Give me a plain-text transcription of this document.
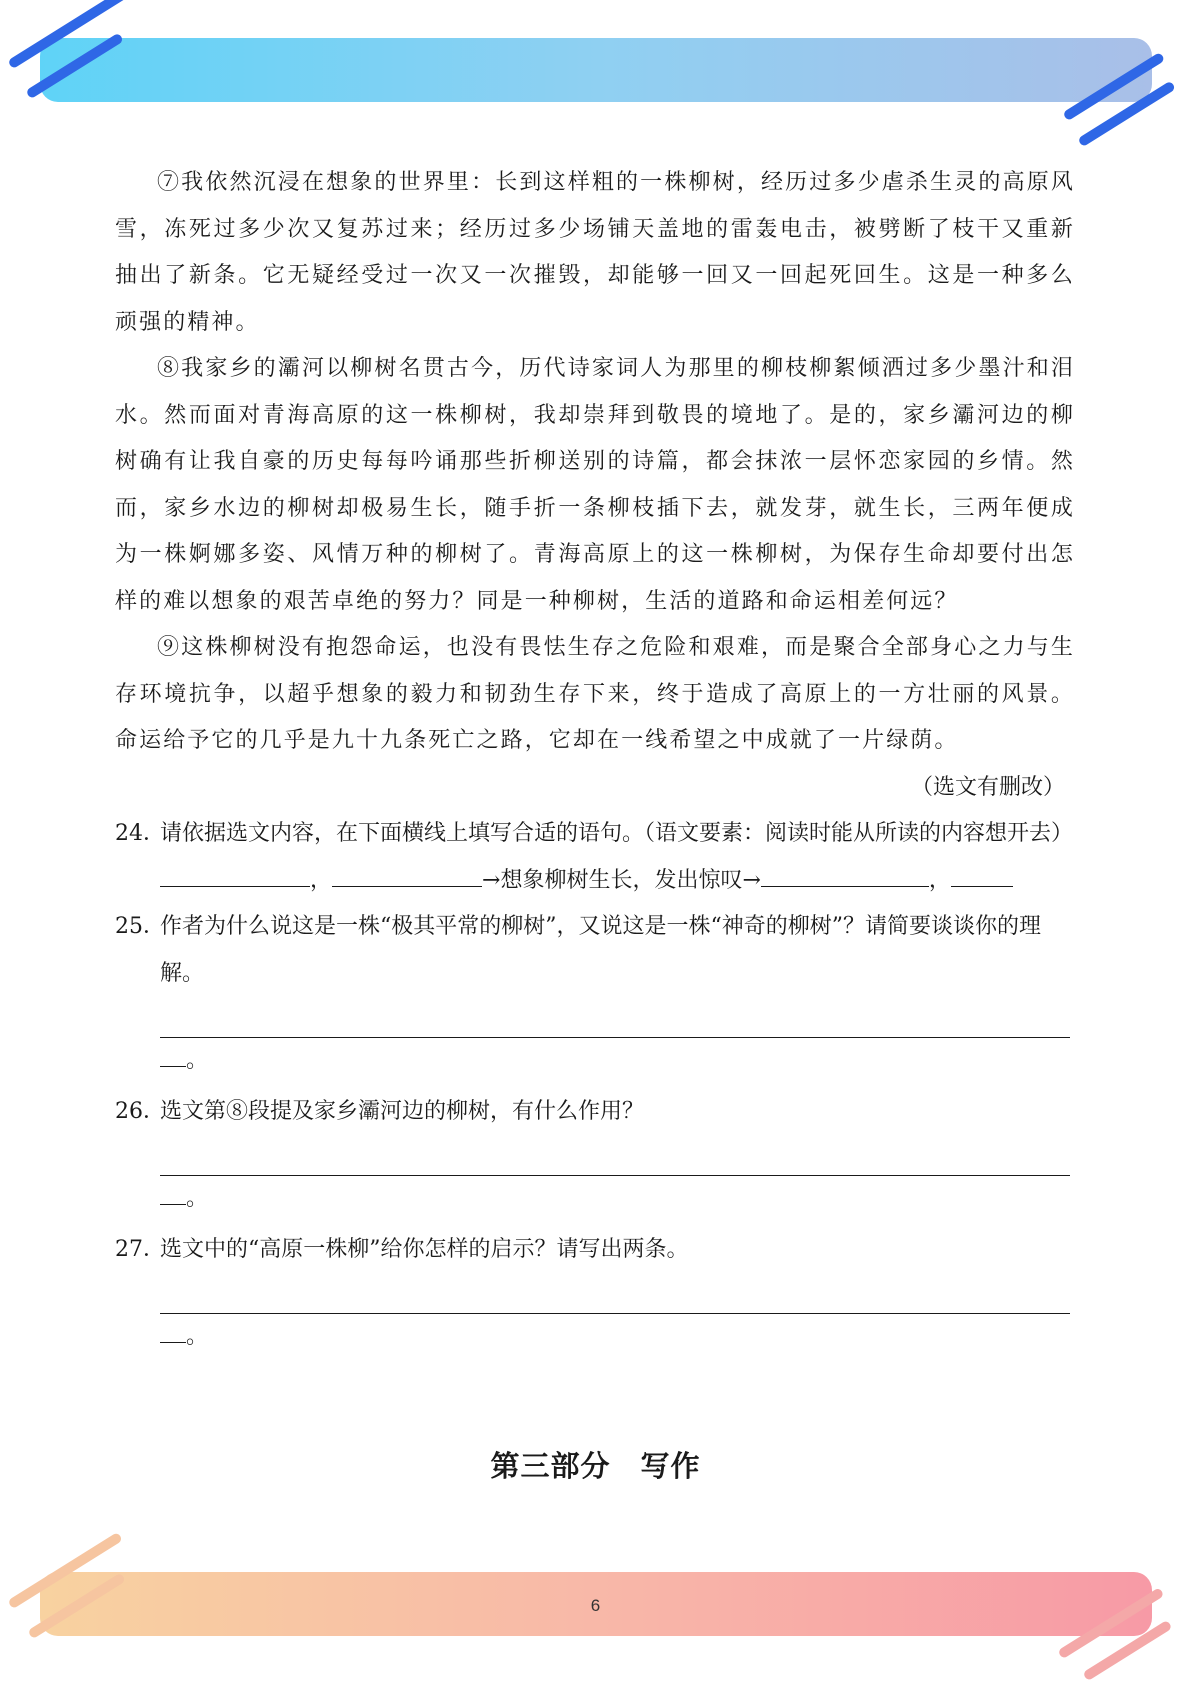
⑦我依然沉浸在想象的世界里：长到这样粗的一株柳树，经历过多少虐杀生灵的高原风雪，冻死过多少次又复苏过来；经历过多少场铺天盖地的雷轰电击，被劈断了枝干又重新抽出了新条。它无疑经受过一次又一次摧毁，却能够一回又一回起死回生。这是一种多么顽强的精神。

⑧我家乡的灞河以柳树名贯古今，历代诗家词人为那里的柳枝柳絮倾洒过多少墨汁和泪水。然而面对青海高原的这一株柳树，我却崇拜到敬畏的境地了。是的，家乡灞河边的柳树确有让我自豪的历史每每吟诵那些折柳送别的诗篇，都会抹浓一层怀恋家园的乡情。然而，家乡水边的柳树却极易生长，随手折一条柳枝插下去，就发芽，就生长，三两年便成为一株婀娜多姿、风情万种的柳树了。青海高原上的这一株柳树，为保存生命却要付出怎样的难以想象的艰苦卓绝的努力？同是一种柳树，生活的道路和命运相差何远？

⑨这株柳树没有抱怨命运，也没有畏怯生存之危险和艰难，而是聚合全部身心之力与生存环境抗争，以超乎想象的毅力和韧劲生存下来，终于造成了高原上的一方壮丽的风景。命运给予它的几乎是九十九条死亡之路，它却在一线希望之中成就了一片绿荫。

（选文有删改）

24．
请依据选文内容，在下面横线上填写合适的语句。（语文要素：阅读时能从所读的内容想开去）
，	→想象柳树生长，发出惊叹→	，
25．
作者为什么说这是一株“极其平常的柳树”，又说这是一株“神奇的柳树”？请简要谈谈你的理解。
。
26．
选文第⑧段提及家乡灞河边的柳树，有什么作用？
。
27．
选文中的“高原一株柳”给你怎样的启示？请写出两条。
。
第三部分　写作
6
